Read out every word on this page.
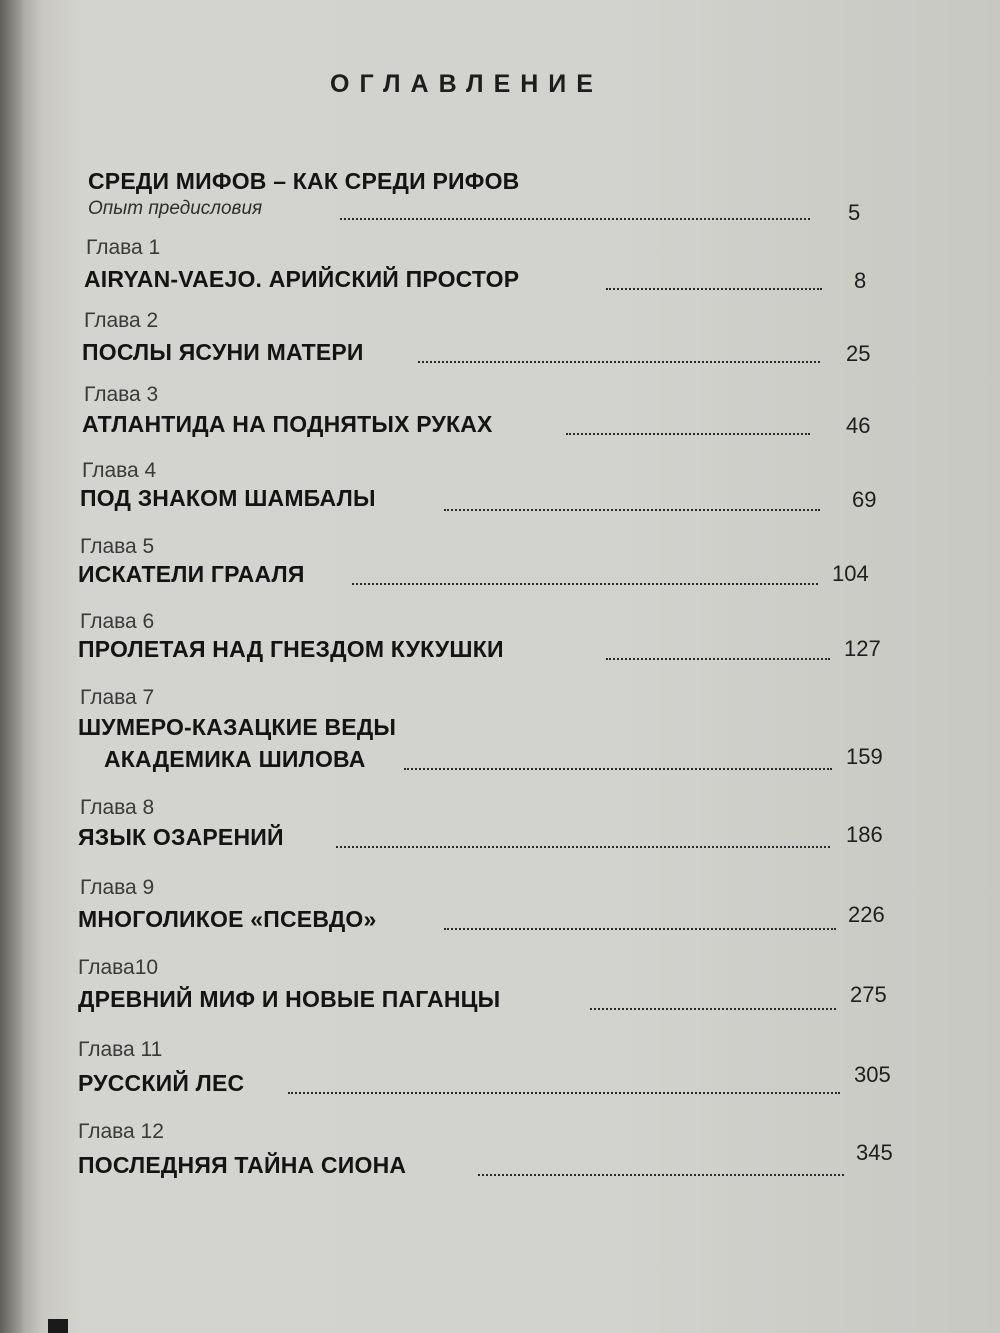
ОГЛАВЛЕНИЕ
СРЕДИ МИФОВ – КАК СРЕДИ РИФОВ
Опыт предисловия	5
Глава 1
AIRYAN-VAEJO. АРИЙСКИЙ ПРОСТОР	8
Глава 2
ПОСЛЫ ЯСУНИ МАТЕРИ	25
Глава 3
АТЛАНТИДА НА ПОДНЯТЫХ РУКАХ	46
Глава 4
ПОД ЗНАКОМ ШАМБАЛЫ	69
Глава 5
ИСКАТЕЛИ ГРААЛЯ	104
Глава 6
ПРОЛЕТАЯ НАД ГНЕЗДОМ КУКУШКИ	127
Глава 7
ШУМЕРО-КАЗАЦКИЕ ВЕДЫ
АКАДЕМИКА ШИЛОВА	159
Глава 8
ЯЗЫК ОЗАРЕНИЙ	186
Глава 9
МНОГОЛИКОЕ «ПСЕВДО»	226
Глава10
ДРЕВНИЙ МИФ И НОВЫЕ ПАГАНЦЫ	275
Глава 11
РУССКИЙ ЛЕС	305
Глава 12
ПОСЛЕДНЯЯ ТАЙНА СИОНА	345
